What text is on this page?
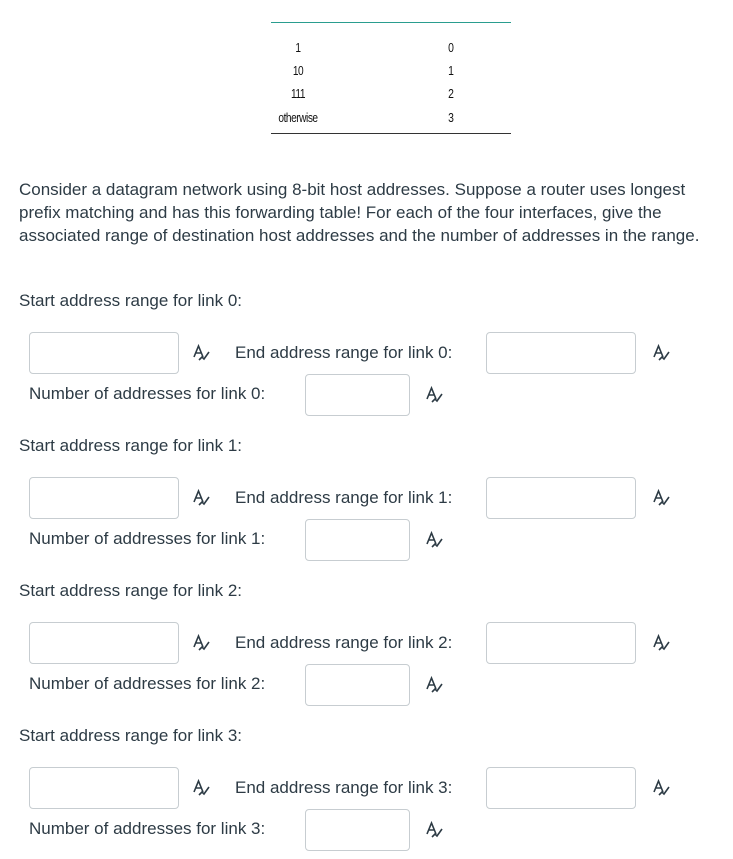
1	0
10	1
111	2
otherwise	3
Consider a datagram network using 8-bit host addresses. Suppose a router uses longest prefix matching and has this forwarding table! For each of the four interfaces, give the associated range of destination host addresses and the number of addresses in the range.
Start address range for link 0:
End address range for link 0:
Number of addresses for link 0:
Start address range for link 1:
End address range for link 1:
Number of addresses for link 1:
Start address range for link 2:
End address range for link 2:
Number of addresses for link 2:
Start address range for link 3:
End address range for link 3:
Number of addresses for link 3:
